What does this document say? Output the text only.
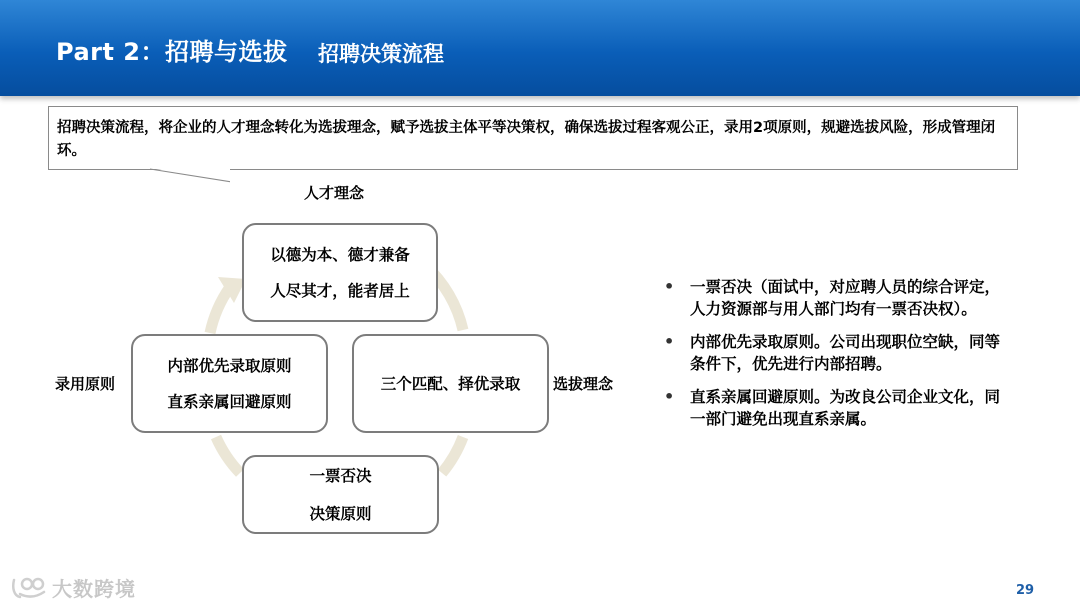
Part 2：招聘与选拔	招聘决策流程
招聘决策流程，将企业的人才理念转化为选拔理念，赋予选拔主体平等决策权，确保选拔过程客观公正，录用2项原则，规避选拔风险，形成管理闭环。
人才理念
选拔理念
录用原则
以德为本、德才兼备
人尽其才，能者居上
三个匹配、择优录取
一票否决
决策原则
内部优先录取原则
直系亲属回避原则
• 一票否决（面试中，对应聘人员的综合评定，人力资源部与用人部门均有一票否决权）。
• 内部优先录取原则。公司出现职位空缺，同等条件下，优先进行内部招聘。
• 直系亲属回避原则。为改良公司企业文化，同一部门避免出现直系亲属。
大数跨境	29
